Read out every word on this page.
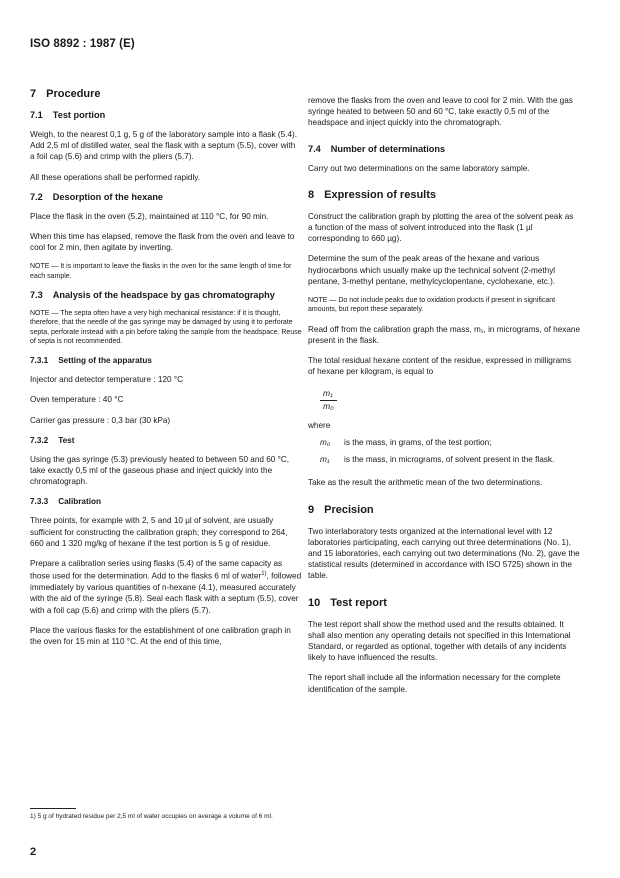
ISO 8892 : 1987 (E)
7 Procedure
7.1 Test portion

Weigh, to the nearest 0,1 g, 5 g of the laboratory sample into a flask (5.4). Add 2,5 ml of distilled water, seal the flask with a septum (5.5), cover with a foil cap (5.6) and crimp with the pliers (5.7).

All these operations shall be performed rapidly.

7.2 Desorption of the hexane

Place the flask in the oven (5.2), maintained at 110 °C, for 90 min.

When this time has elapsed, remove the flask from the oven and leave to cool for 2 min, then agitate by inverting.

NOTE — It is important to leave the flasks in the oven for the same length of time for each sample.

7.3 Analysis of the headspace by gas chromatography

NOTE — The septa often have a very high mechanical resistance: if it is thought, therefore, that the needle of the gas syringe may be damaged by using it to perforate septa, perforate instead with a pin before taking the sample from the headspace. Reuse of septa is not recommended.

7.3.1 Setting of the apparatus

Injector and detector temperature : 120 °C

Oven temperature : 40 °C

Carrier gas pressure : 0,3 bar (30 kPa)

7.3.2 Test

Using the gas syringe (5.3) previously heated to between 50 and 60 °C, take exactly 0,5 ml of the gaseous phase and inject quickly into the chromatograph.

7.3.3 Calibration

Three points, for example with 2, 5 and 10 µl of solvent, are usually sufficient for constructing the calibration graph; they correspond to 264, 660 and 1 320 mg/kg of hexane if the test portion is 5 g of residue.

Prepare a calibration series using flasks (5.4) of the same capacity as those used for the determination. Add to the flasks 6 ml of water$^{1)}$, followed immediately by various quantities of n-hexane (4.1), measured accurately with the aid of the syringe (5.8). Seal each flask with a septum (5.5), cover with a foil cap (5.6) and crimp with the pliers (5.7).

Place the various flasks for the establishment of one calibration graph in the oven for 15 min at 110 °C. At the end of this time,

remove the flasks from the oven and leave to cool for 2 min. With the gas syringe heated to between 50 and 60 °C, take exactly 0,5 ml of the headspace and inject quickly into the chromatograph.

7.4 Number of determinations

Carry out two determinations on the same laboratory sample.

8 Expression of results

Construct the calibration graph by plotting the area of the solvent peak as a function of the mass of solvent introduced into the flask (1 µl corresponding to 660 µg).

Determine the sum of the peak areas of the hexane and various hydrocarbons which usually make up the technical solvent (2-methyl pentane, 3-methyl pentane, methylcyclopentane, cyclohexane, etc.).

NOTE — Do not include peaks due to oxidation products if present in significant amounts, but report these separately.

Read off from the calibration graph the mass, m₁, in micrograms, of hexane present in the flask.

The total residual hexane content of the residue, expressed in milligrams of hexane per kilogram, is equal to

$\frac{\text{m₁}}{\text{m₀}}$

where

m₀	is the mass, in grams, of the test portion;
m₁	is the mass, in micrograms, of solvent present in the flask.

Take as the result the arithmetic mean of the two determinations.

9 Precision

Two interlaboratory tests organized at the international level with 12 laboratories participating, each carrying out three determinations (No. 1), and 15 laboratories, each carrying out two determinations (No. 2), gave the statistical results (determined in accordance with ISO 5725) shown in the table.

10 Test report

The test report shall show the method used and the results obtained. It shall also mention any operating details not specified in this International Standard, or regarded as optional, together with details of any incidents likely to have influenced the results.

The report shall include all the information necessary for the complete identification of the sample.

1) 5 g of hydrated residue per 2,5 ml of water occupies on average a volume of 6 ml.
2
